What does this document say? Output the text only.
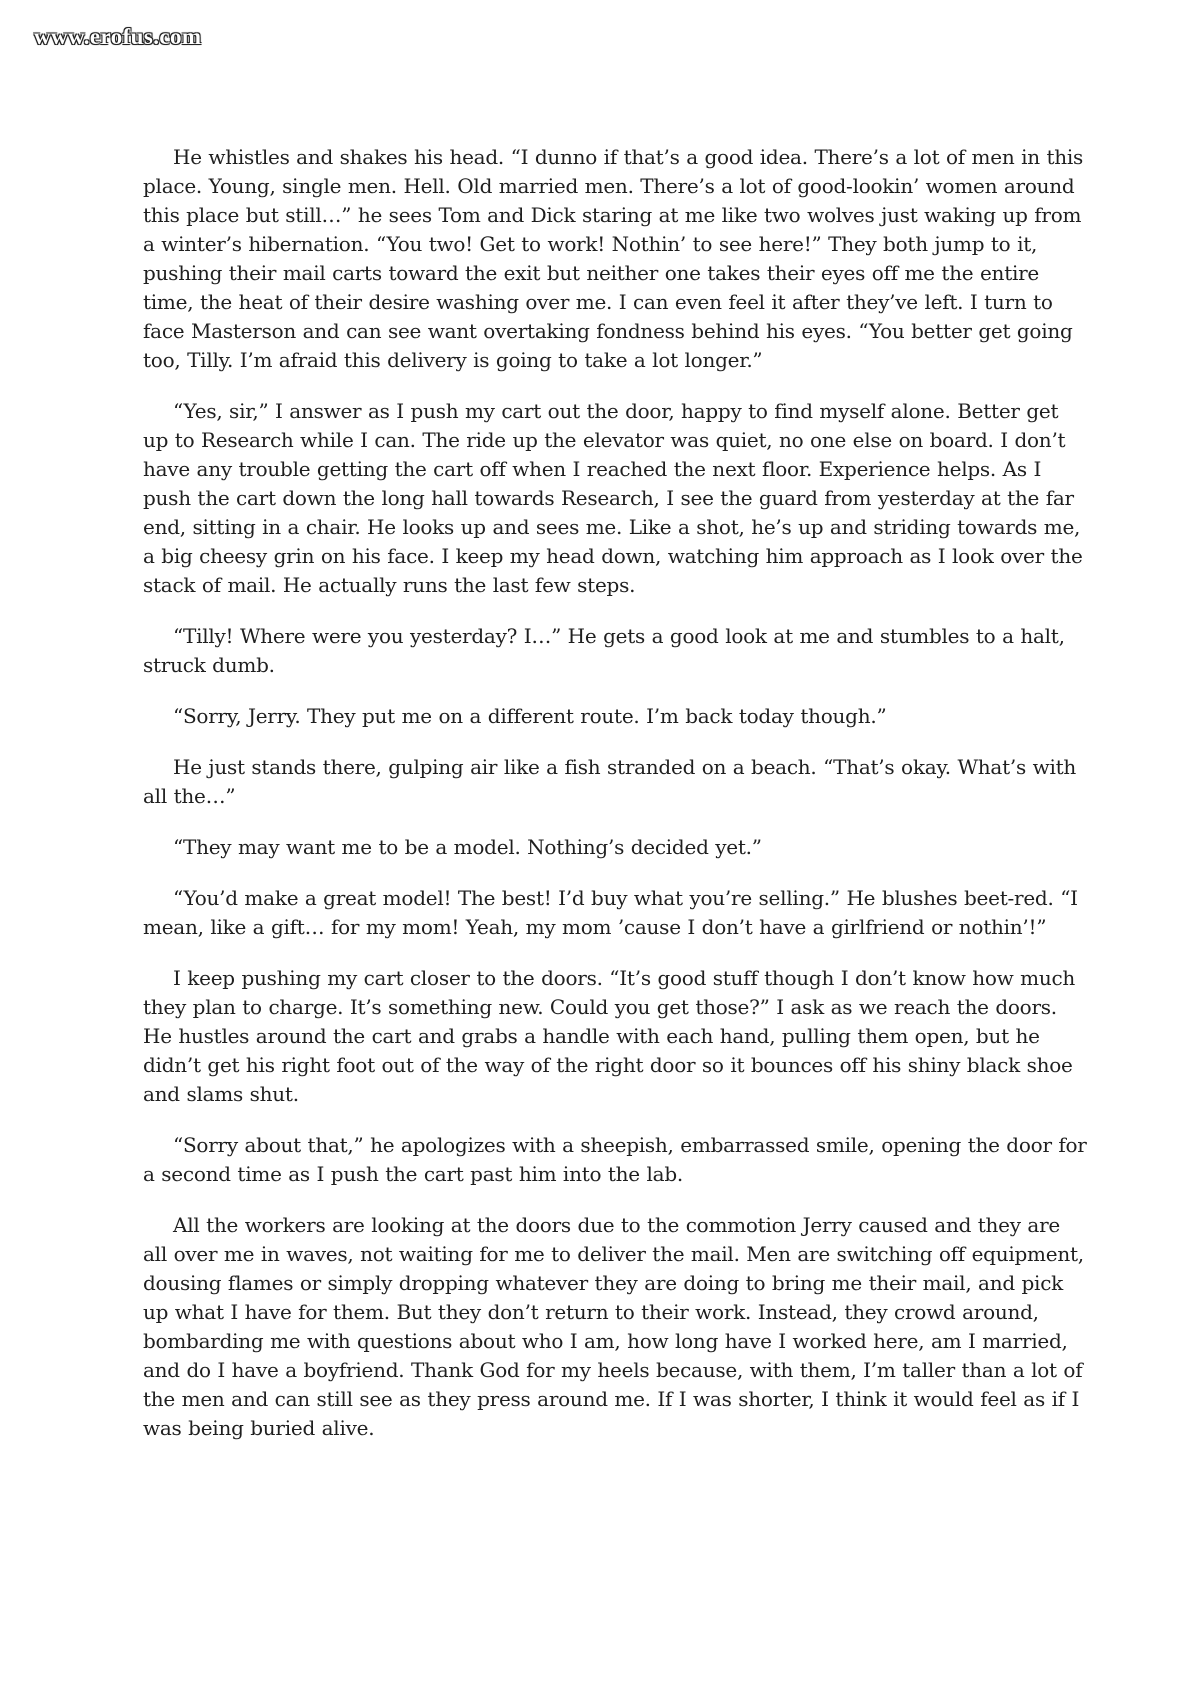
www.erofus.com

He whistles and shakes his head. “I dunno if that’s a good idea. There’s a lot of men in this place. Young, single men. Hell. Old married men. There’s a lot of good-lookin’ women around this place but still…” he sees Tom and Dick staring at me like two wolves just waking up from a winter’s hibernation. “You two! Get to work! Nothin’ to see here!” They both jump to it, pushing their mail carts toward the exit but neither one takes their eyes off me the entire time, the heat of their desire washing over me. I can even feel it after they’ve left. I turn to face Masterson and can see want overtaking fondness behind his eyes. “You better get going too, Tilly. I’m afraid this delivery is going to take a lot longer.”

“Yes, sir,” I answer as I push my cart out the door, happy to find myself alone. Better get up to Research while I can. The ride up the elevator was quiet, no one else on board. I don’t have any trouble getting the cart off when I reached the next floor. Experience helps. As I push the cart down the long hall towards Research, I see the guard from yesterday at the far end, sitting in a chair. He looks up and sees me. Like a shot, he’s up and striding towards me, a big cheesy grin on his face. I keep my head down, watching him approach as I look over the stack of mail. He actually runs the last few steps.

“Tilly! Where were you yesterday? I…” He gets a good look at me and stumbles to a halt, struck dumb.

“Sorry, Jerry. They put me on a different route. I’m back today though.”

He just stands there, gulping air like a fish stranded on a beach. “That’s okay. What’s with all the…”

“They may want me to be a model. Nothing’s decided yet.”

“You’d make a great model! The best! I’d buy what you’re selling.” He blushes beet-red. “I mean, like a gift… for my mom! Yeah, my mom ’cause I don’t have a girlfriend or nothin’!”

I keep pushing my cart closer to the doors. “It’s good stuff though I don’t know how much they plan to charge. It’s something new. Could you get those?” I ask as we reach the doors. He hustles around the cart and grabs a handle with each hand, pulling them open, but he didn’t get his right foot out of the way of the right door so it bounces off his shiny black shoe and slams shut.

“Sorry about that,” he apologizes with a sheepish, embarrassed smile, opening the door for a second time as I push the cart past him into the lab.

All the workers are looking at the doors due to the commotion Jerry caused and they are all over me in waves, not waiting for me to deliver the mail. Men are switching off equipment, dousing flames or simply dropping whatever they are doing to bring me their mail, and pick up what I have for them. But they don’t return to their work. Instead, they crowd around, bombarding me with questions about who I am, how long have I worked here, am I married, and do I have a boyfriend. Thank God for my heels because, with them, I’m taller than a lot of the men and can still see as they press around me. If I was shorter, I think it would feel as if I was being buried alive.
